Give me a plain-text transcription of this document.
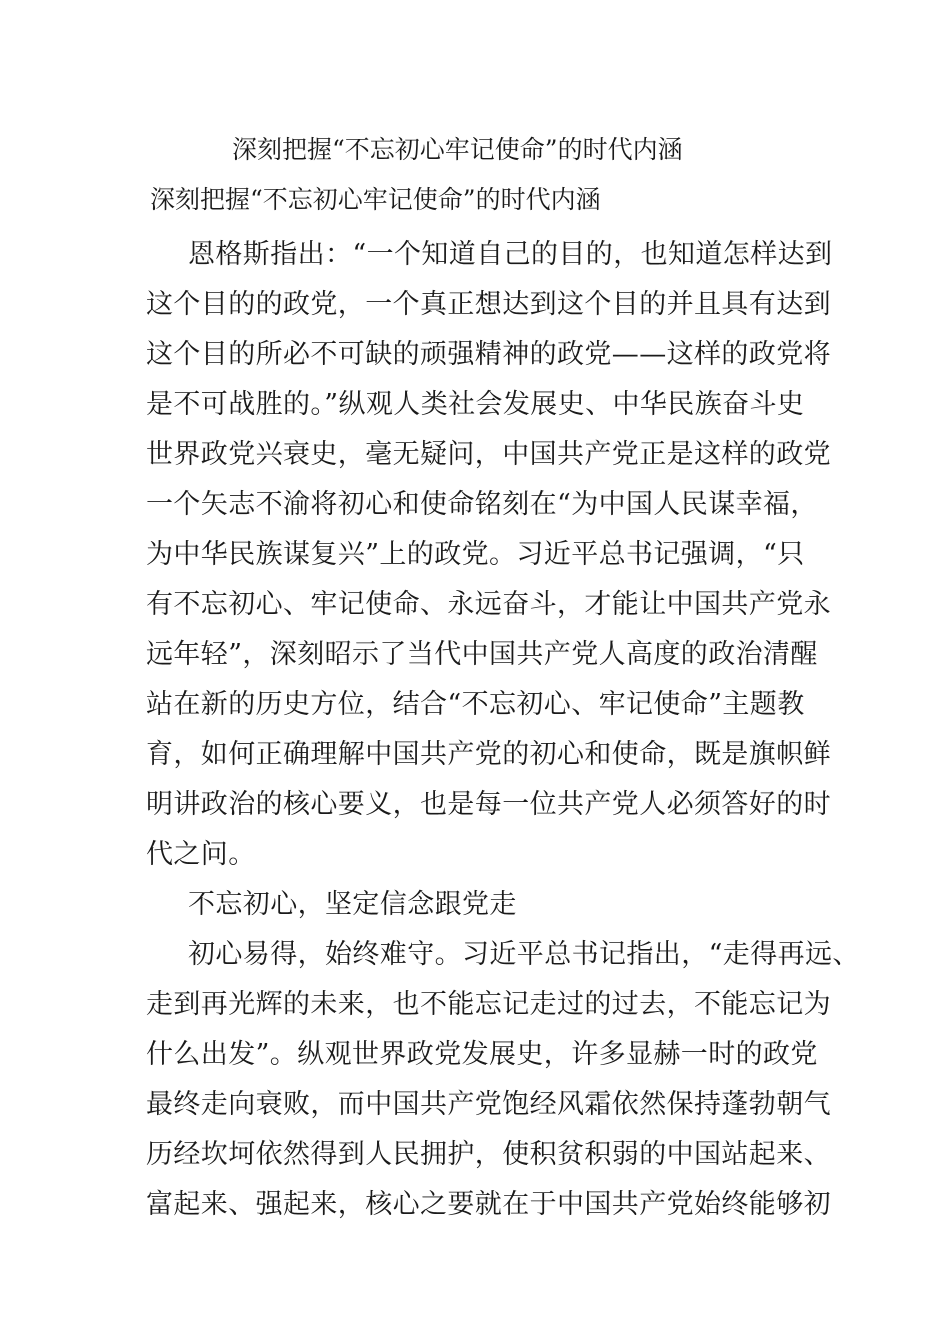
深刻把握“不忘初心牢记使命”的时代内涵
深刻把握“不忘初心牢记使命”的时代内涵
恩格斯指出：“一个知道自己的目的，也知道怎样达到
这个目的的政党，一个真正想达到这个目的并且具有达到
这个目的所必不可缺的顽强精神的政党——这样的政党将
是不可战胜的。”纵观人类社会发展史、中华民族奋斗史
世界政党兴衰史，毫无疑问，中国共产党正是这样的政党
一个矢志不渝将初心和使命铭刻在“为中国人民谋幸福，
为中华民族谋复兴”上的政党。习近平总书记强调，“只
有不忘初心、牢记使命、永远奋斗，才能让中国共产党永
远年轻”，深刻昭示了当代中国共产党人高度的政治清醒
站在新的历史方位，结合“不忘初心、牢记使命”主题教
育，如何正确理解中国共产党的初心和使命，既是旗帜鲜
明讲政治的核心要义，也是每一位共产党人必须答好的时
代之问。
不忘初心，坚定信念跟党走
初心易得，始终难守。习近平总书记指出，“走得再远、
走到再光辉的未来，也不能忘记走过的过去，不能忘记为
什么出发”。纵观世界政党发展史，许多显赫一时的政党
最终走向衰败，而中国共产党饱经风霜依然保持蓬勃朝气
历经坎坷依然得到人民拥护，使积贫积弱的中国站起来、
富起来、强起来，核心之要就在于中国共产党始终能够初
